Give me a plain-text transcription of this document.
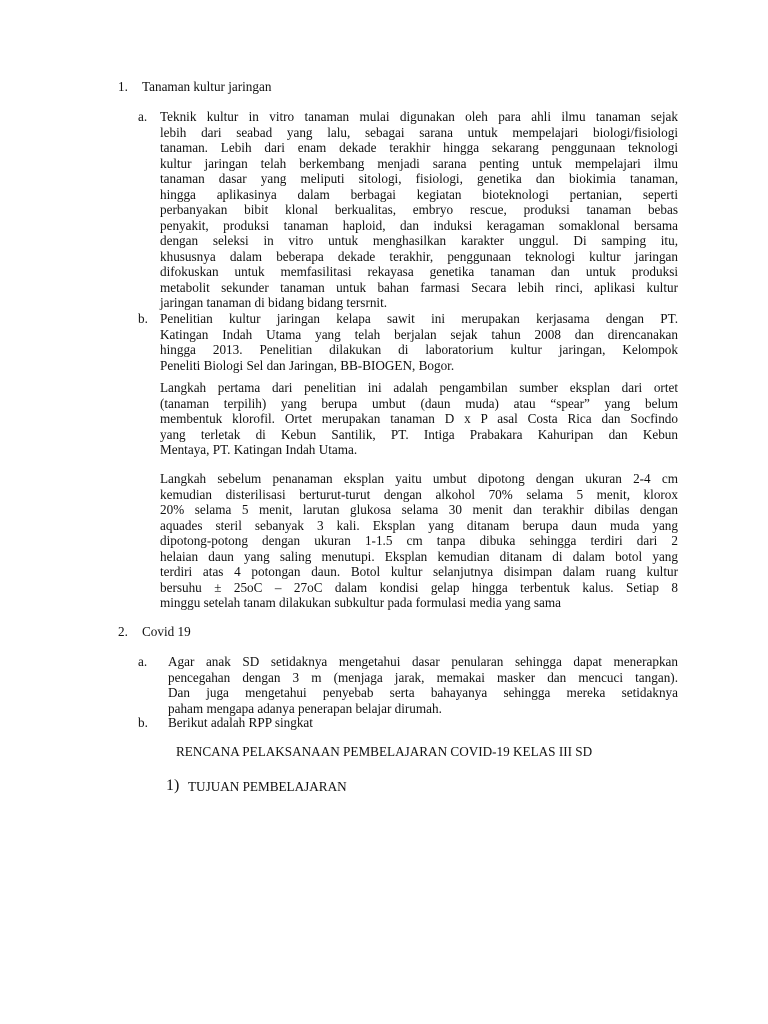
1. Tanaman kultur jaringan
a. Teknik kultur in vitro tanaman mulai digunakan oleh para ahli ilmu tanaman sejak
lebih dari seabad yang lalu, sebagai sarana untuk mempelajari biologi/fisiologi
tanaman. Lebih dari enam dekade terakhir hingga sekarang penggunaan teknologi
kultur jaringan telah berkembang menjadi sarana penting untuk mempelajari ilmu
tanaman dasar yang meliputi sitologi, fisiologi, genetika dan biokimia tanaman,
hingga aplikasinya dalam berbagai kegiatan bioteknologi pertanian, seperti
perbanyakan bibit klonal berkualitas, embryo rescue, produksi tanaman bebas
penyakit, produksi tanaman haploid, dan induksi keragaman somaklonal bersama
dengan seleksi in vitro untuk menghasilkan karakter unggul. Di samping itu,
khususnya dalam beberapa dekade terakhir, penggunaan teknologi kultur jaringan
difokuskan untuk memfasilitasi rekayasa genetika tanaman dan untuk produksi
metabolit sekunder tanaman untuk bahan farmasi Secara lebih rinci, aplikasi kultur
jaringan tanaman di bidang bidang tersrnit.
b. Penelitian kultur jaringan kelapa sawit ini merupakan kerjasama dengan PT.
Katingan Indah Utama yang telah berjalan sejak tahun 2008 dan direncanakan
hingga 2013. Penelitian dilakukan di laboratorium kultur jaringan, Kelompok
Peneliti Biologi Sel dan Jaringan, BB-BIOGEN, Bogor.
Langkah pertama dari penelitian ini adalah pengambilan sumber eksplan dari ortet
(tanaman terpilih) yang berupa umbut (daun muda) atau “spear” yang belum
membentuk klorofil. Ortet merupakan tanaman D x P asal Costa Rica dan Socfindo
yang terletak di Kebun Santilik, PT. Intiga Prabakara Kahuripan dan Kebun
Mentaya, PT. Katingan Indah Utama.
Langkah sebelum penanaman eksplan yaitu umbut dipotong dengan ukuran 2-4 cm
kemudian disterilisasi berturut-turut dengan alkohol 70% selama 5 menit, klorox
20% selama 5 menit, larutan glukosa selama 30 menit dan terakhir dibilas dengan
aquades steril sebanyak 3 kali. Eksplan yang ditanam berupa daun muda yang
dipotong-potong dengan ukuran 1-1.5 cm tanpa dibuka sehingga terdiri dari 2
helaian daun yang saling menutupi. Eksplan kemudian ditanam di dalam botol yang
terdiri atas 4 potongan daun. Botol kultur selanjutnya disimpan dalam ruang kultur
bersuhu ± 25oC – 27oC dalam kondisi gelap hingga terbentuk kalus. Setiap 8
minggu setelah tanam dilakukan subkultur pada formulasi media yang sama
2. Covid 19
a. Agar anak SD setidaknya mengetahui dasar penularan sehingga dapat menerapkan
pencegahan dengan 3 m (menjaga jarak, memakai masker dan mencuci tangan).
Dan juga mengetahui penyebab serta bahayanya sehingga mereka setidaknya
paham mengapa adanya penerapan belajar dirumah.
b. Berikut adalah RPP singkat
RENCANA PELAKSANAAN PEMBELAJARAN COVID-19 KELAS III SD
1) TUJUAN PEMBELAJARAN
